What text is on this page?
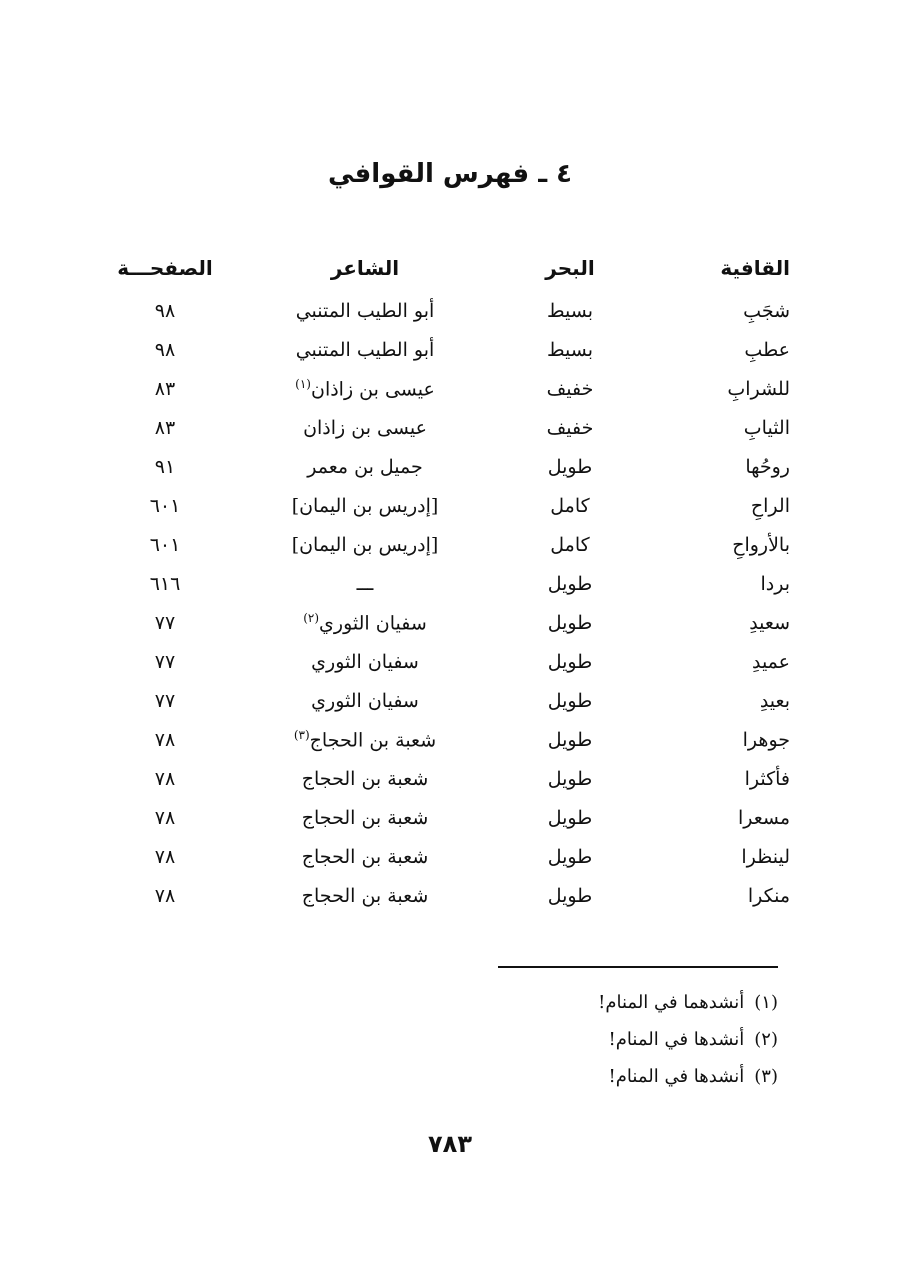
٤ ـ فهرس القوافي
القافية
البحر
الشاعر
الصفحـــة
شجَبِ
بسيط
أبو الطيب المتنبي
٩٨
عطبِ
بسيط
أبو الطيب المتنبي
٩٨
للشرابِ
خفيف
عيسى بن زاذان$^{(١)}$
٨٣
الثيابِ
خفيف
عيسى بن زاذان
٨٣
روحُها
طويل
جميل بن معمر
٩١
الراحِ
كامل
[إدريس بن اليمان]
٦٠١
بالأرواحِ
كامل
[إدريس بن اليمان]
٦٠١
بردا
طويل
ـــ
٦١٦
سعيدِ
طويل
سفيان الثوري$^{(٢)}$
٧٧
عميدِ
طويل
سفيان الثوري
٧٧
بعيدِ
طويل
سفيان الثوري
٧٧
جوهرا
طويل
شعبة بن الحجاج$^{(٣)}$
٧٨
فأكثرا
طويل
شعبة بن الحجاج
٧٨
مسعرا
طويل
شعبة بن الحجاج
٧٨
لينظرا
طويل
شعبة بن الحجاج
٧٨
منكرا
طويل
شعبة بن الحجاج
٧٨
(١)أنشدهما في المنام!
(٢)أنشدها في المنام!
(٣)أنشدها في المنام!
٧٨٣
